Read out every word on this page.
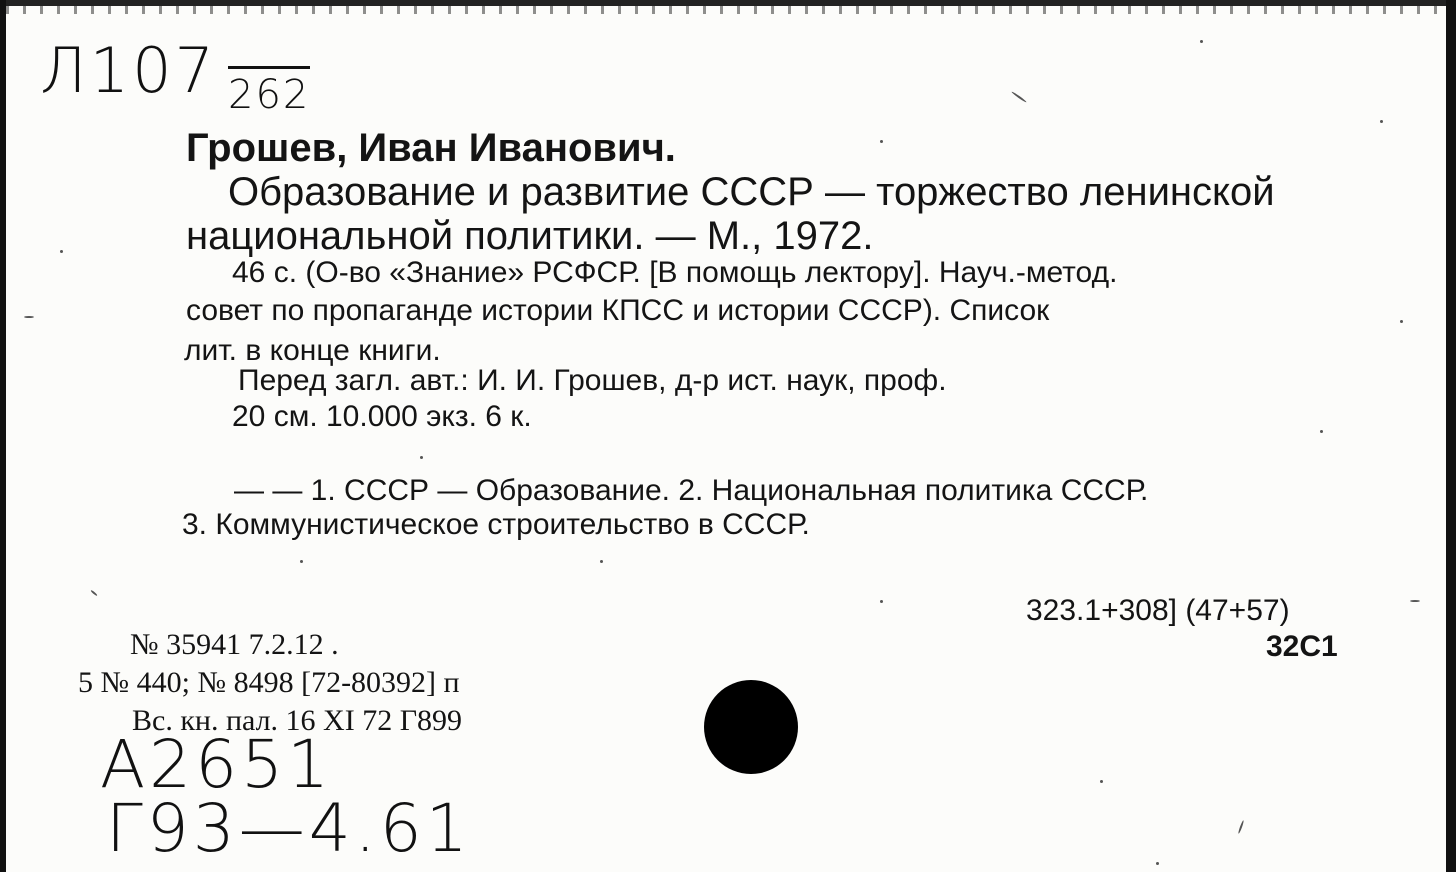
Л107 262
Грошев, Иван Иванович.
Образование и развитие СССР — торжество ленинской
национальной политики. — М., 1972.
46 с. (О-во «Знание» РСФСР. [В помощь лектору]. Науч.-метод.
совет по пропаганде истории КПСС и истории СССР). Список
лит. в конце книги.
Перед загл. авт.: И. И. Грошев, д-р ист. наук, проф.
20 см. 10.000 экз. 6 к.
— — 1. СССР — Образование. 2. Национальная политика СССР.
3. Коммунистическое строительство в СССР.
323.1+308] (47+57)
32С1
№ 35941 7.2.12 .
5 № 440; № 8498 [72-80392] п
Вс. кн. пал. 16 XI 72 Г899
А2651
Г93—4.61
